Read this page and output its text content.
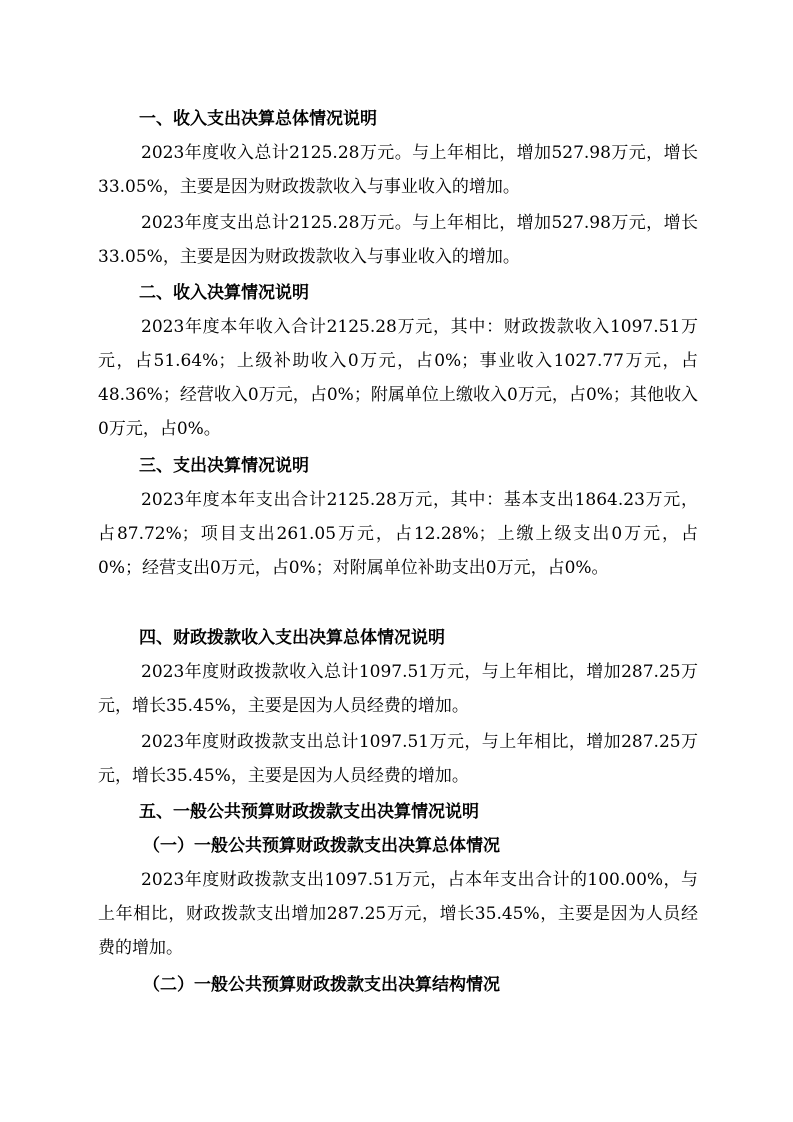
一、收入支出决算总体情况说明

2023年度收入总计2125.28万元。与上年相比，增加527.98万元，增长33.05%，主要是因为财政拨款收入与事业收入的增加。

2023年度支出总计2125.28万元。与上年相比，增加527.98万元，增长33.05%，主要是因为财政拨款收入与事业收入的增加。

二、收入决算情况说明

2023年度本年收入合计2125.28万元，其中：财政拨款收入1097.51万元，占51.64%；上级补助收入0万元，占0%；事业收入1027.77万元，占48.36%；经营收入0万元，占0%；附属单位上缴收入0万元，占0%；其他收入0万元，占0%。

三、支出决算情况说明

2023年度本年支出合计2125.28万元，其中：基本支出1864.23万元，占87.72%；项目支出261.05万元，占12.28%；上缴上级支出0万元，占0%；经营支出0万元，占0%；对附属单位补助支出0万元，占0%。

四、财政拨款收入支出决算总体情况说明

2023年度财政拨款收入总计1097.51万元，与上年相比，增加287.25万元，增长35.45%，主要是因为人员经费的增加。

2023年度财政拨款支出总计1097.51万元，与上年相比，增加287.25万元，增长35.45%，主要是因为人员经费的增加。

五、一般公共预算财政拨款支出决算情况说明
（一）一般公共预算财政拨款支出决算总体情况

2023年度财政拨款支出1097.51万元，占本年支出合计的100.00%，与上年相比，财政拨款支出增加287.25万元，增长35.45%，主要是因为人员经费的增加。

（二）一般公共预算财政拨款支出决算结构情况
